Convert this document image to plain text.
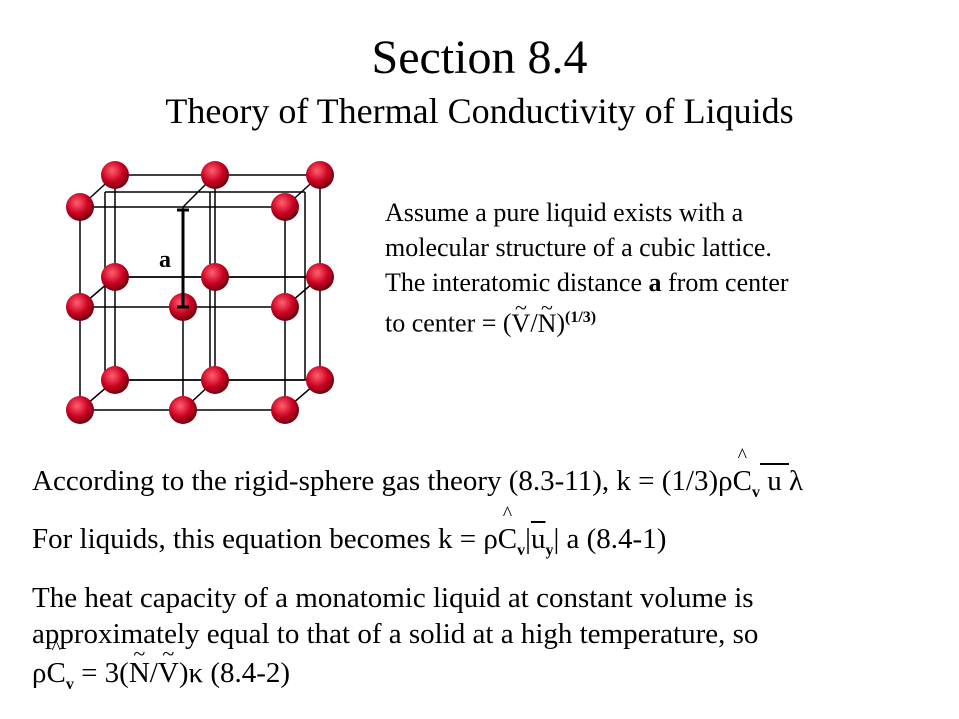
Section 8.4
Theory of Thermal Conductivity of Liquids
a
Assume a pure liquid exists with a
molecular structure of a cubic lattice.
The interatomic distance a from center
to center = (~ V/~ N)$^{(1/3)}$
According to the rigid-sphere gas theory (8.3-11), k = (1/3)ρ^ $C_v$ u λ
For liquids, this equation becomes k = ρ^ $C_v|\overline{u}_y|$ a (8.4-1)
The heat capacity of a monatomic liquid at constant volume is
approximately equal to that of a solid at a high temperature, so
ρ^ $C_v$ = 3(~ N/~ V)κ (8.4-2)
